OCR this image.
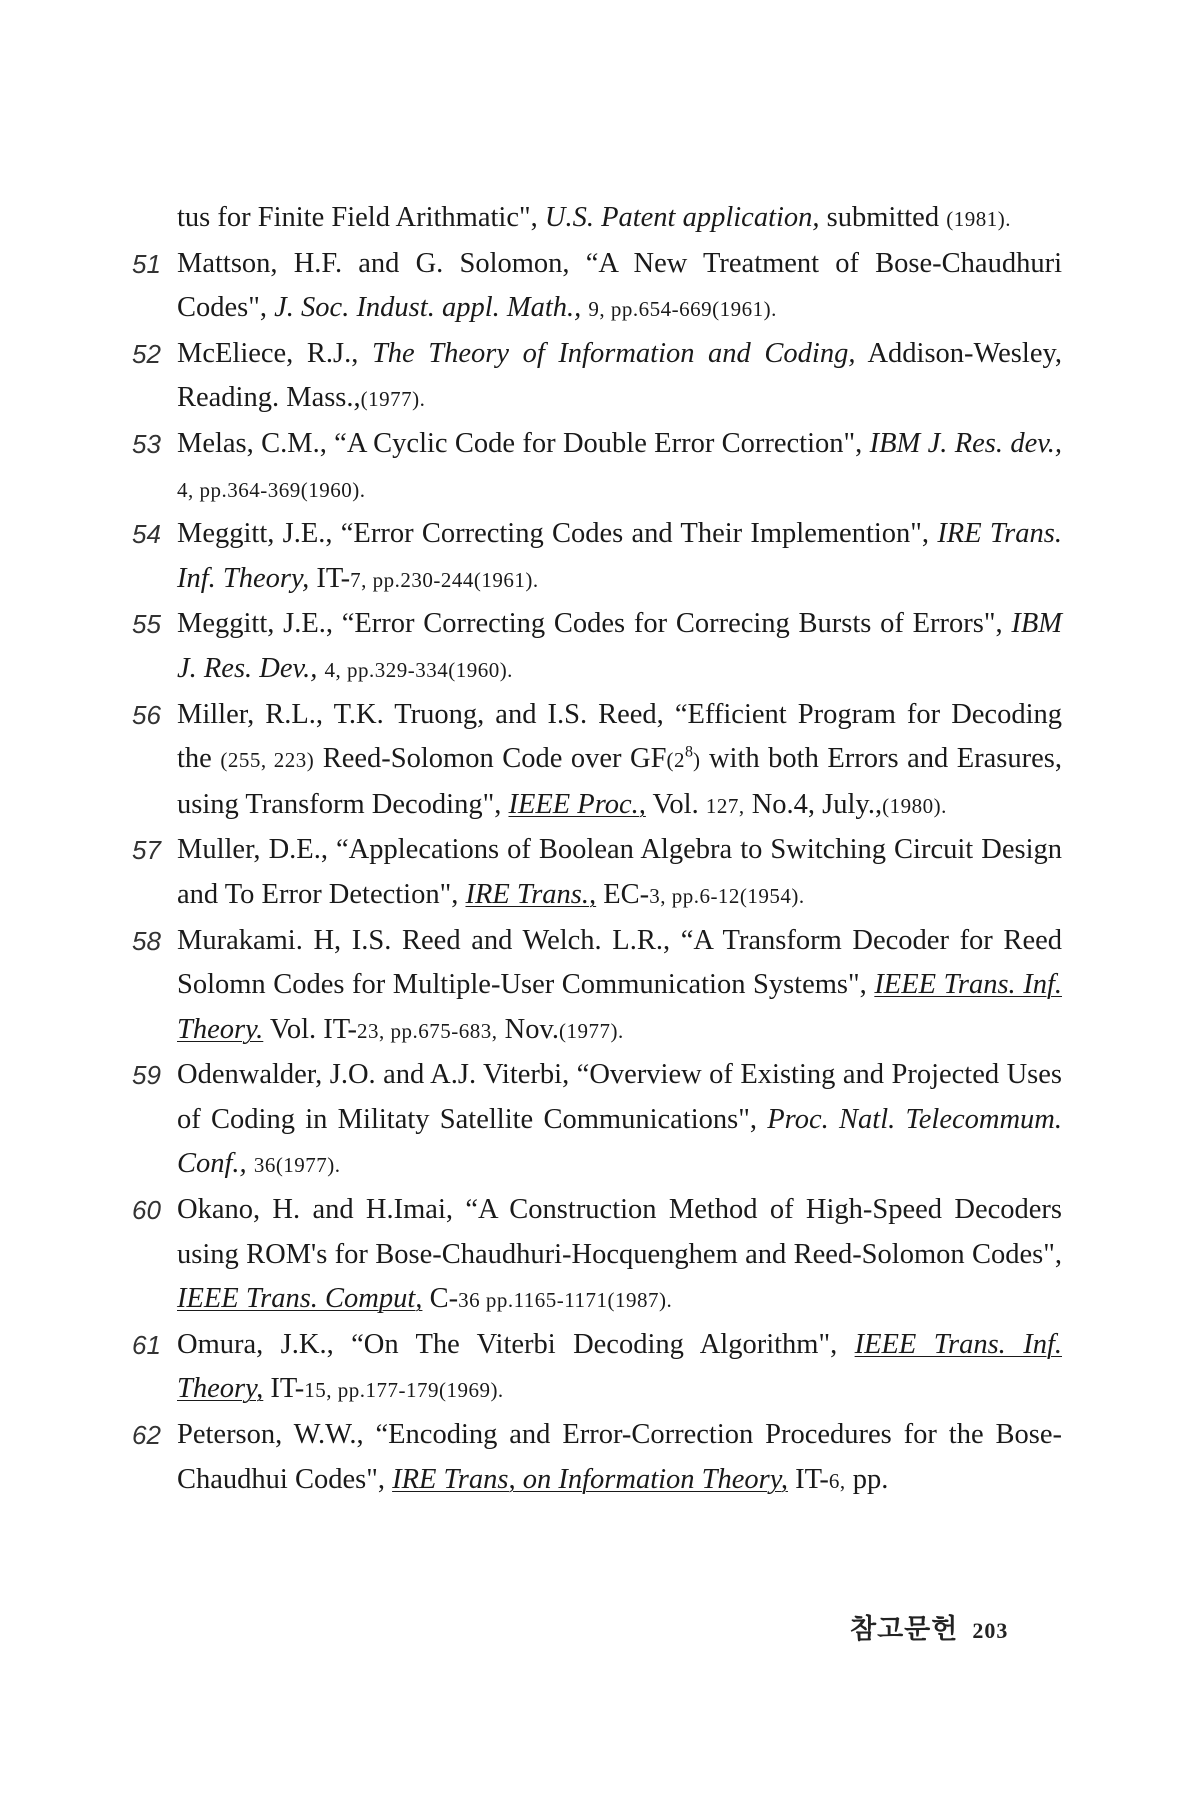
tus for Finite Field Arithmatic", U.S. Patent application, submitted (1981).
51 Mattson, H.F. and G. Solomon, “A New Treatment of Bose-Chaudhuri Codes", J. Soc. Indust. appl. Math., 9, pp.654-669(1961).
52 McEliece, R.J., The Theory of Information and Coding, Addison-Wesley, Reading. Mass.,(1977).
53 Melas, C.M., “A Cyclic Code for Double Error Correction", IBM J. Res. dev., 4, pp.364-369(1960).
54 Meggitt, J.E., “Error Correcting Codes and Their Implemention", IRE Trans. Inf. Theory, IT-7, pp.230-244(1961).
55 Meggitt, J.E., “Error Correcting Codes for Correcing Bursts of Errors", IBM J. Res. Dev., 4, pp.329-334(1960).
56 Miller, R.L., T.K. Truong, and I.S. Reed, “Efficient Program for Decoding the (255, 223) Reed-Solomon Code over $GF(2^8)$ with both Errors and Erasures, using Transform Decoding", IEEE Proc., Vol. 127, No.4, July.,(1980).
57 Muller, D.E., “Applecations of Boolean Algebra to Switching Circuit Design and To Error Detection", IRE Trans., EC-3, pp.6-12(1954).
58 Murakami. H, I.S. Reed and Welch. L.R., “A Transform Decoder for Reed Solomn Codes for Multiple-User Communication Systems", IEEE Trans. Inf. Theory. Vol. IT-23, pp.675-683, Nov.(1977).
59 Odenwalder, J.O. and A.J. Viterbi, “Overview of Existing and Projected Uses of Coding in Militaty Satellite Communications", Proc. Natl. Telecommum. Conf., 36(1977).
60 Okano, H. and H.Imai, “A Construction Method of High-Speed Decoders using ROM's for Bose-Chaudhuri-Hocquenghem and Reed-Solomon Codes", IEEE Trans. Comput, C-36 pp.1165-1171(1987).
61 Omura, J.K., “On The Viterbi Decoding Algorithm", IEEE Trans. Inf. Theory, IT-15, pp.177-179(1969).
62 Peterson, W.W., “Encoding and Error-Correction Procedures for the Bose-Chaudhui Codes", IRE Trans, on Information Theory, IT-6, pp.
참고문헌 203
